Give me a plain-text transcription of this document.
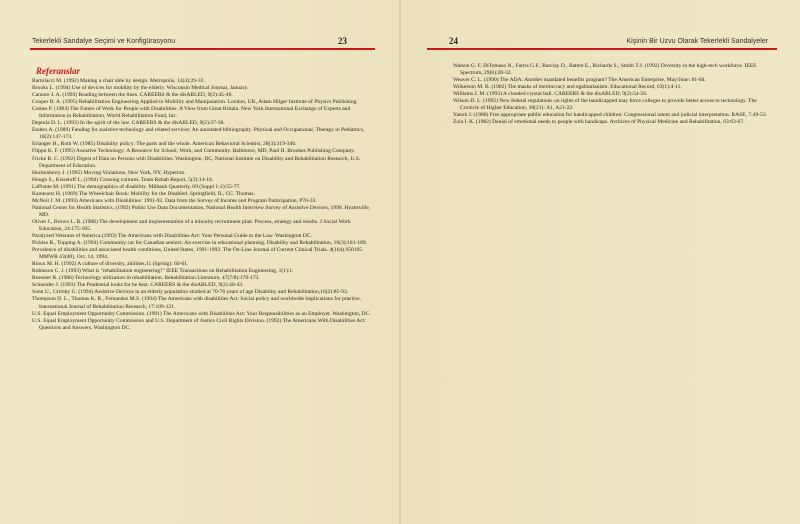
Tekerlekli Sandalye Seçimi ve Konfigürasyonu	23
Referanslar
Bartolacci M. (1992) Making a chair able by design. Metropolis, 12(4):29-33.
Brooks L. (1994) Use of devices for mobility by the elderly. Wisconsin Medical Journal, January.
Cantore J. A. (1993) Reading between the lines. CAREERS & the disABLED, 9(2):45-46.
Cooper R. A. (1995) Rehabilitation Engineering Applied to Mobility and Manipulation. London, UK, Adam Hilger Institute of Physics Publishing.
Comes P. (1984) The Future of Work for People with Disabilities: A View from Great Britain. New York International Exchange of Experts and Information in Rehabilitation, World Rehabilitation Fund, Inc.
Deptula D. L. (1993) In the spirit of the law. CAREERS & the disABLED, 9(2):37-38.
Enders A. (1989) Funding for assistive technology and related services: An annotated bibliography. Physical and Occupational, Therapy in Pediatrics, 10(2):147-173.
Erlanger H., Roth W. (1985) Disability policy: The parts and the whole. American Behavioral Scientist, 28(3):319-346.
Flippo K. F. (1995) Assistive Technology: A Resource for School, Work, and Community. Baltimore, MD, Paul H. Brookes Publishing Company.
Fricke R. C. (1992) Digest of Data on Persons with Disabilities. Washington, DC, National Institute on Disability and Rehabilitation Research, U.S. Department of Education.
Hockenberry J. (1995) Moving Violations. New York, NY, Hyperion.
Hough S., Kisseloff L. (1994) Crossing cultures. Team Rehab Report, 5(3):14-18.
LaPlante M. (1991) The demographics of disability. Milbank Quarterly, 69 (Suppl 1-2):55-77.
Kamenetz H. (1969) The Wheelchair Book: Mobility for the Disabled. Springfield, IL, CC. Thomas.
McNeil J. M. (1993) Americans with Disabilities: 1991-92. Data from the Survey of Income and Program Participation, P70-33.
National Center for Health Statistics. (1992) Public Use Data Documentation, National Health Interview Survey of Assistive Devices, 1990. Hyattsville, MD.
Oliver J., Brown L. B. (1988) The development and implementation of a minority recruitment plan: Process, strategy and results. J Social Work Education, 24:175-185.
Paralyzed Veterans of America.(1993) The Americans with Disabilities Act: Your Personal Guide to the Law. Washington DC.
Pickles B., Topping A. (1994) Community car for Canadian seniors: An exercise in educational planning, Disability and Rehabilitation, 16(3):181-189.
Prevalence of disabilities and associated health conditions, United States, 1991-1992. The On-Line Journal of Current Clinical Trials. 4(164).950105 MMWR 43(40), Oct. 14, 1994.
Rioux M. H. (1992) A culture of diversity, abilities,11 (Spring): 60-61.
Robinson C. J. (1993) What is "rehabilitation engineering?" IEEE Transactions on Rehabilitation Engineering, 1(1):1.
Roessler R. (1986) Technology utilization in rehabilitation. Rehabilitation Literature, 47(7/8):170-173.
Schneider J. (1993) The Prudential looks for be best. CAREERS & the disABLED, 9(2):40-43.
Sonn U., Grimby G. (1994) Assistive Devices in an elderly population studied at 70-76 years of age Disability and Rehabilitation,16(2):85-93.
Thompson D. L., Thomas K. R., Fernandez M.S. (1994) The Americans with disabilities Act: Social policy and worldwide implications for practice. International Journal of Rehabilitation Research, 17:109-121.
U.S. Equal Employment Opportunity Commission. (1991) The Americans with Disabilities Act: Your Responsibilities as an Employer. Washington, DC.
U.S. Equal Employment Opportunity Commission and U.S. Department of Justice Civil Rights Division. (1992) The Americans With Disabilities Act: Questions and Answers. Washington DC.
24	Kişinin Bir Uzvu Olarak Tekerlekli Sandalyeler
Watson G. F. DiTomaso N., Farris G.F., Barclay D., Batten E., Richards S., Smith T.J. (1992) Diversity in the high-tech workforce. IEEE Spectrum, 29(6):20-32.
Weaver C. L. (1990) The ADA: Another mandated benefits program? The American Enterprise, May/June: 81-84.
Wilkerson M. B. (1982) The masks of meritocracy and egalitarianism. Educational Record, 63(1):4-11.
Williams J. M. (1993) A clouded crystal ball. CAREERS & the disABLED, 9(2):54-56.
Wilson D. L. (1992) New federal regulations on rights of the handicapped may force colleges to provide better access to technology. The Cronicle of Higher Education, 38(21): A1, A21-22.
Yanok J. (1986) Free appropriate public education for handicapped children: Congressional intent and judicial interpretation. RASE, 7:49-53.
Zola I. K. (1982) Denial of emotional needs to people with handicaps. Archives of Physical Medicine and Rehabilitation, 63:63-67.
